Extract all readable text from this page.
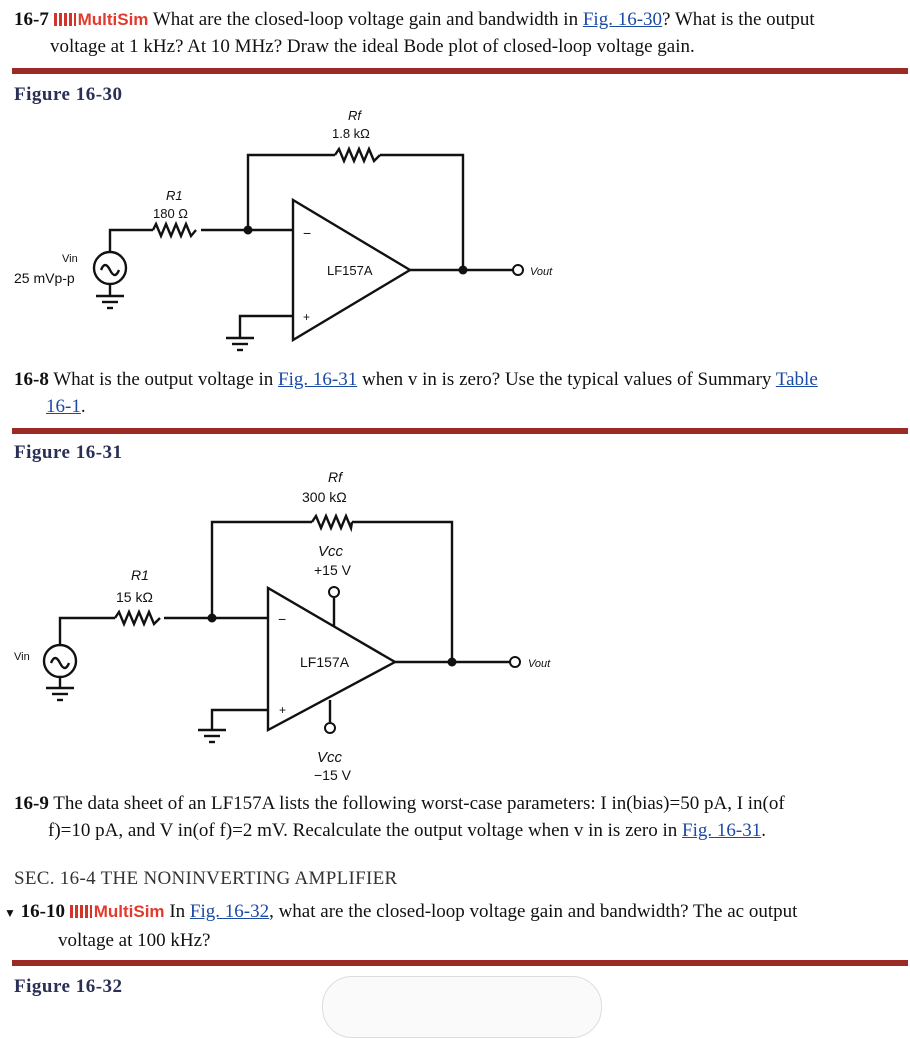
16-7 MultiSim What are the closed-loop voltage gain and bandwidth in Fig. 16-30? What is the output
voltage at 1 kHz? At 10 MHz? Draw the ideal Bode plot of closed-loop voltage gain.
Figure 16-30
Rf
1.8 kΩ
R1
180 Ω
Vin
25 mVp-p	LF157A
−
+
Vout
16-8 What is the output voltage in Fig. 16-31 when v in is zero? Use the typical values of Summary Table
16-1.
Figure 16-31
Rf
300 kΩ
Vcc
+15 V
R1
15 kΩ
Vin	LF157A
−
+
Vout
Vcc
−15 V
16-9 The data sheet of an LF157A lists the following worst-case parameters: I in(bias)=50 pA, I in(of
f)=10 pA, and V in(of f)=2 mV. Recalculate the output voltage when v in is zero in Fig. 16-31.
SEC. 16-4 THE NONINVERTING AMPLIFIER
▼ 16-10 MultiSim In Fig. 16-32, what are the closed-loop voltage gain and bandwidth? The ac output
voltage at 100 kHz?
Figure 16-32
